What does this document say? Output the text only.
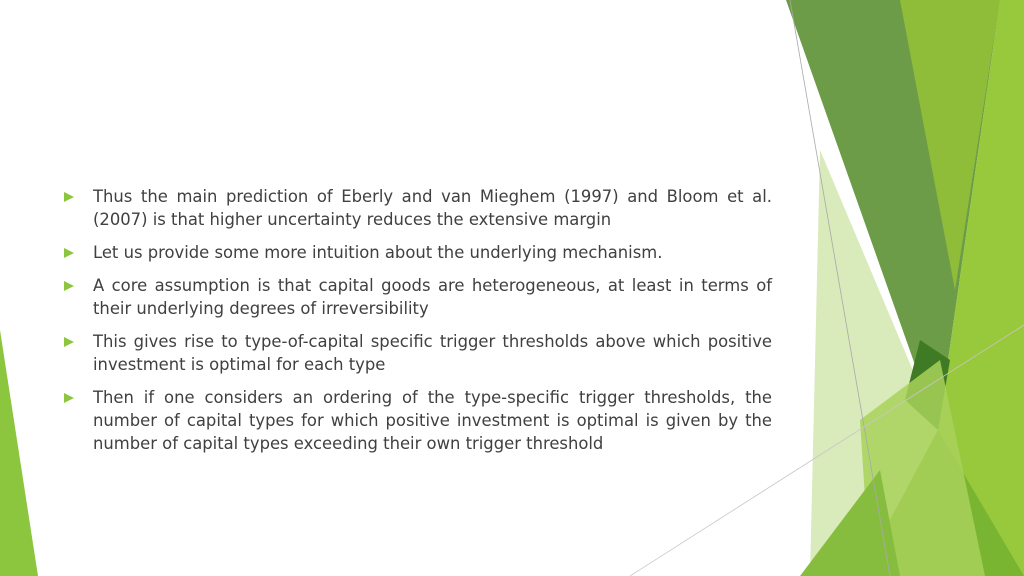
Thus the main prediction of Eberly and van Mieghem (1997) and Bloom et al. (2007) is that higher uncertainty reduces the extensive margin
Let us provide some more intuition about the underlying mechanism.
A core assumption is that capital goods are heterogeneous, at least in terms of their underlying degrees of irreversibility
This gives rise to type-of-capital specific trigger thresholds above which positive investment is optimal for each type
Then if one considers an ordering of the type-specific trigger thresholds, the number of capital types for which positive investment is optimal is given by the number of capital types exceeding their own trigger threshold
